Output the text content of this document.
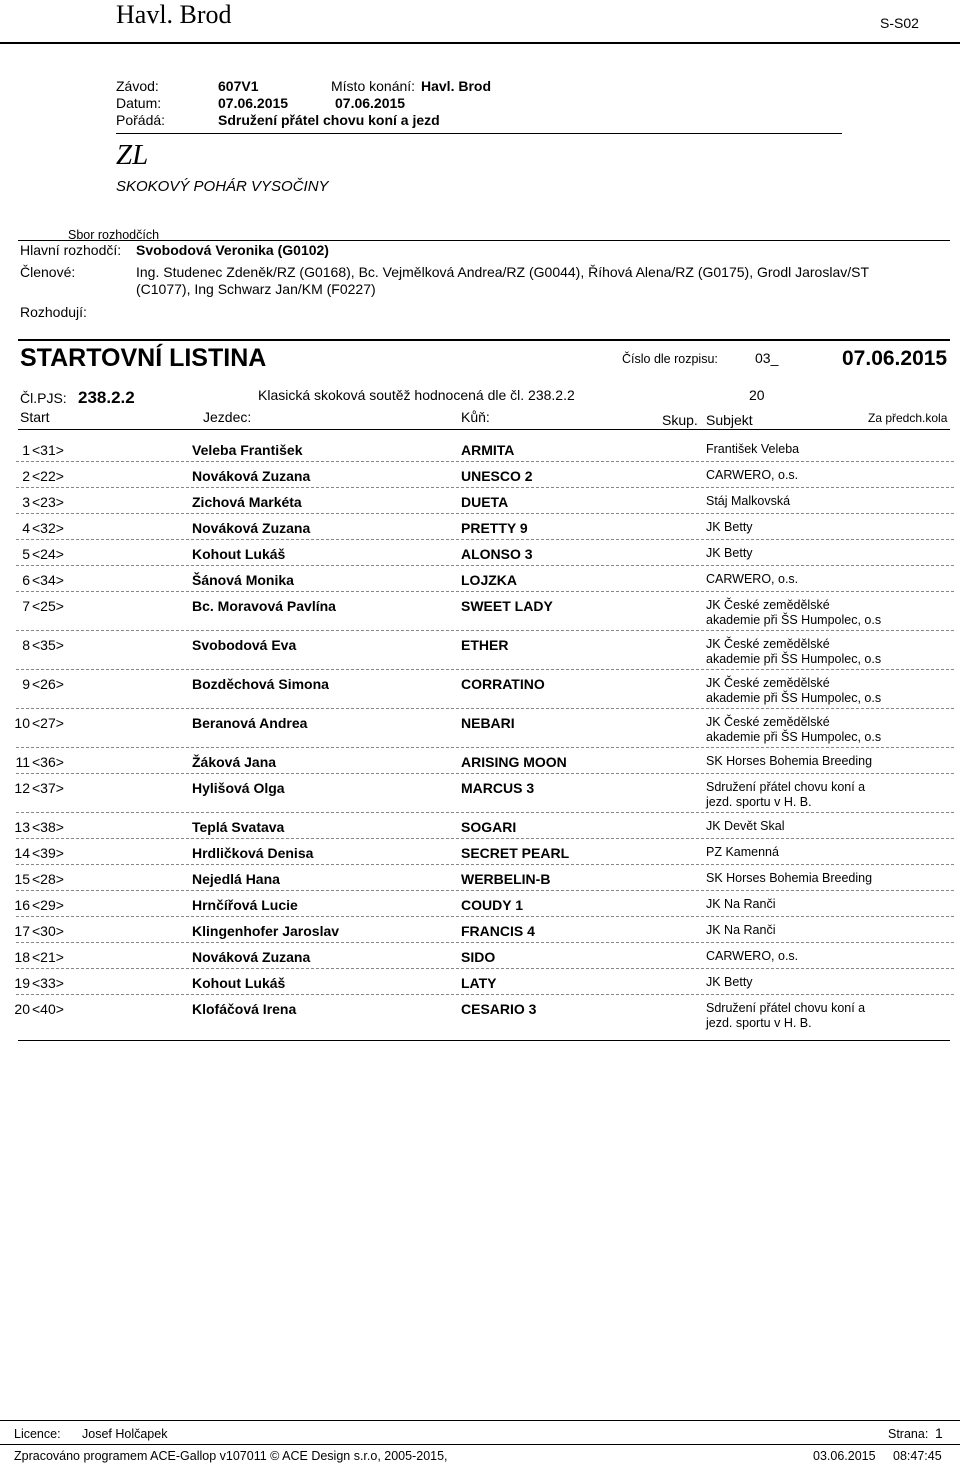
Havl. Brod	S-S02
Závod:	607V1	Místo konání: Havl. Brod
Datum:	07.06.2015	07.06.2015
Pořádá:	Sdružení přátel chovu koní a jezd
ZL
SKOKOVÝ POHÁR VYSOČINY
Sbor rozhodčích
Hlavní rozhodčí: Svobodová Veronika (G0102)
Členové:	Ing. Studenec Zdeněk/RZ (G0168), Bc. Vejmělková Andrea/RZ (G0044), Říhová Alena/RZ (G0175), Grodl Jaroslav/ST
(C1077), Ing Schwarz Jan/KM (F0227)
Rozhodují:
STARTOVNÍ LISTINA	Číslo dle rozpisu:	03_	07.06.2015
Čl.PJS: 238.2.2	Klasická skoková soutěž hodnocená dle čl. 238.2.2	20
Start	Jezdec:	Kůň:	Skup. Subjekt	Za předch.kola
1 <31>	Veleba František	ARMITA	František Veleba
2 <22>	Nováková Zuzana	UNESCO 2	CARWERO, o.s.
3 <23>	Zichová Markéta	DUETA	Stáj Malkovská
4 <32>	Nováková Zuzana	PRETTY 9	JK Betty
5 <24>	Kohout Lukáš	ALONSO 3	JK Betty
6 <34>	Šánová Monika	LOJZKA	CARWERO, o.s.
7 <25>	Bc. Moravová Pavlína	SWEET LADY	JK České zemědělské
akademie při ŠS Humpolec, o.s
8 <35>	Svobodová Eva	ETHER	JK České zemědělské
akademie při ŠS Humpolec, o.s
9 <26>	Bozděchová Simona	CORRATINO	JK České zemědělské
akademie při ŠS Humpolec, o.s
10 <27>	Beranová Andrea	NEBARI	JK České zemědělské
akademie při ŠS Humpolec, o.s
11 <36>	Žáková Jana	ARISING MOON	SK Horses Bohemia Breeding
12 <37>	Hylišová Olga	MARCUS 3	Sdružení přátel chovu koní a
jezd. sportu v H. B.
13 <38>	Teplá Svatava	SOGARI	JK Devět Skal
14 <39>	Hrdličková Denisa	SECRET PEARL	PZ Kamenná
15 <28>	Nejedlá Hana	WERBELIN-B	SK Horses Bohemia Breeding
16 <29>	Hrnčířová Lucie	COUDY 1	JK Na Ranči
17 <30>	Klingenhofer Jaroslav	FRANCIS 4	JK Na Ranči
18 <21>	Nováková Zuzana	SIDO	CARWERO, o.s.
19 <33>	Kohout Lukáš	LATY	JK Betty
20 <40>	Klofáčová Irena	CESARIO 3	Sdružení přátel chovu koní a
jezd. sportu v H. B.
Licence: Josef Holčapek	Strana: 1
Zpracováno programem ACE-Gallop v107011 © ACE Design s.r.o, 2005-2015,	03.06.2015 08:47:45
